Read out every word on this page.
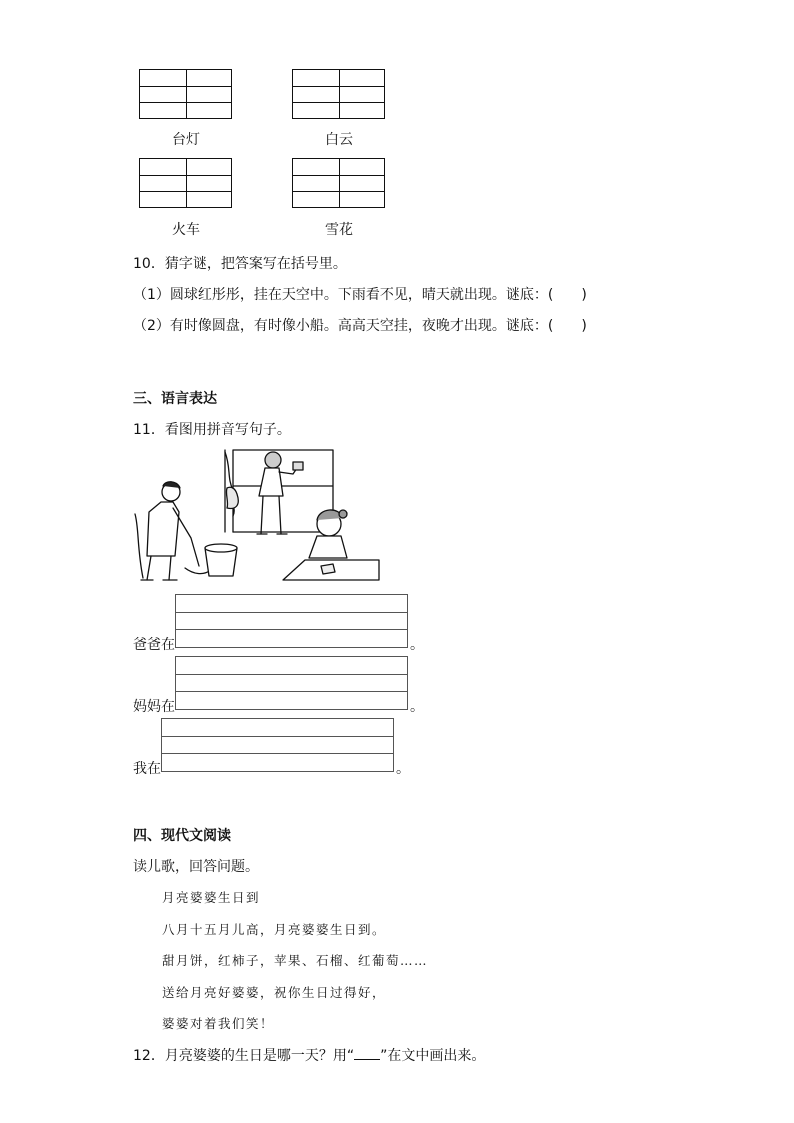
台灯	白云
火车	雪花
10．猜字谜，把答案写在括号里。
（1）圆球红彤彤，挂在天空中。下雨看不见，晴天就出现。谜底：(　　)
（2）有时像圆盘，有时像小船。高高天空挂，夜晚才出现。谜底：(　　)
三、语言表达
11．看图用拼音写句子。
爸爸在	。
妈妈在	。
我在	。
四、现代文阅读
读儿歌，回答问题。
月亮婆婆生日到
八月十五月儿高，月亮婆婆生日到。
甜月饼，红柿子，苹果、石榴、红葡萄……
送给月亮好婆婆，祝你生日过得好，
婆婆对着我们笑！
12．月亮婆婆的生日是哪一天？用“ ”在文中画出来。
